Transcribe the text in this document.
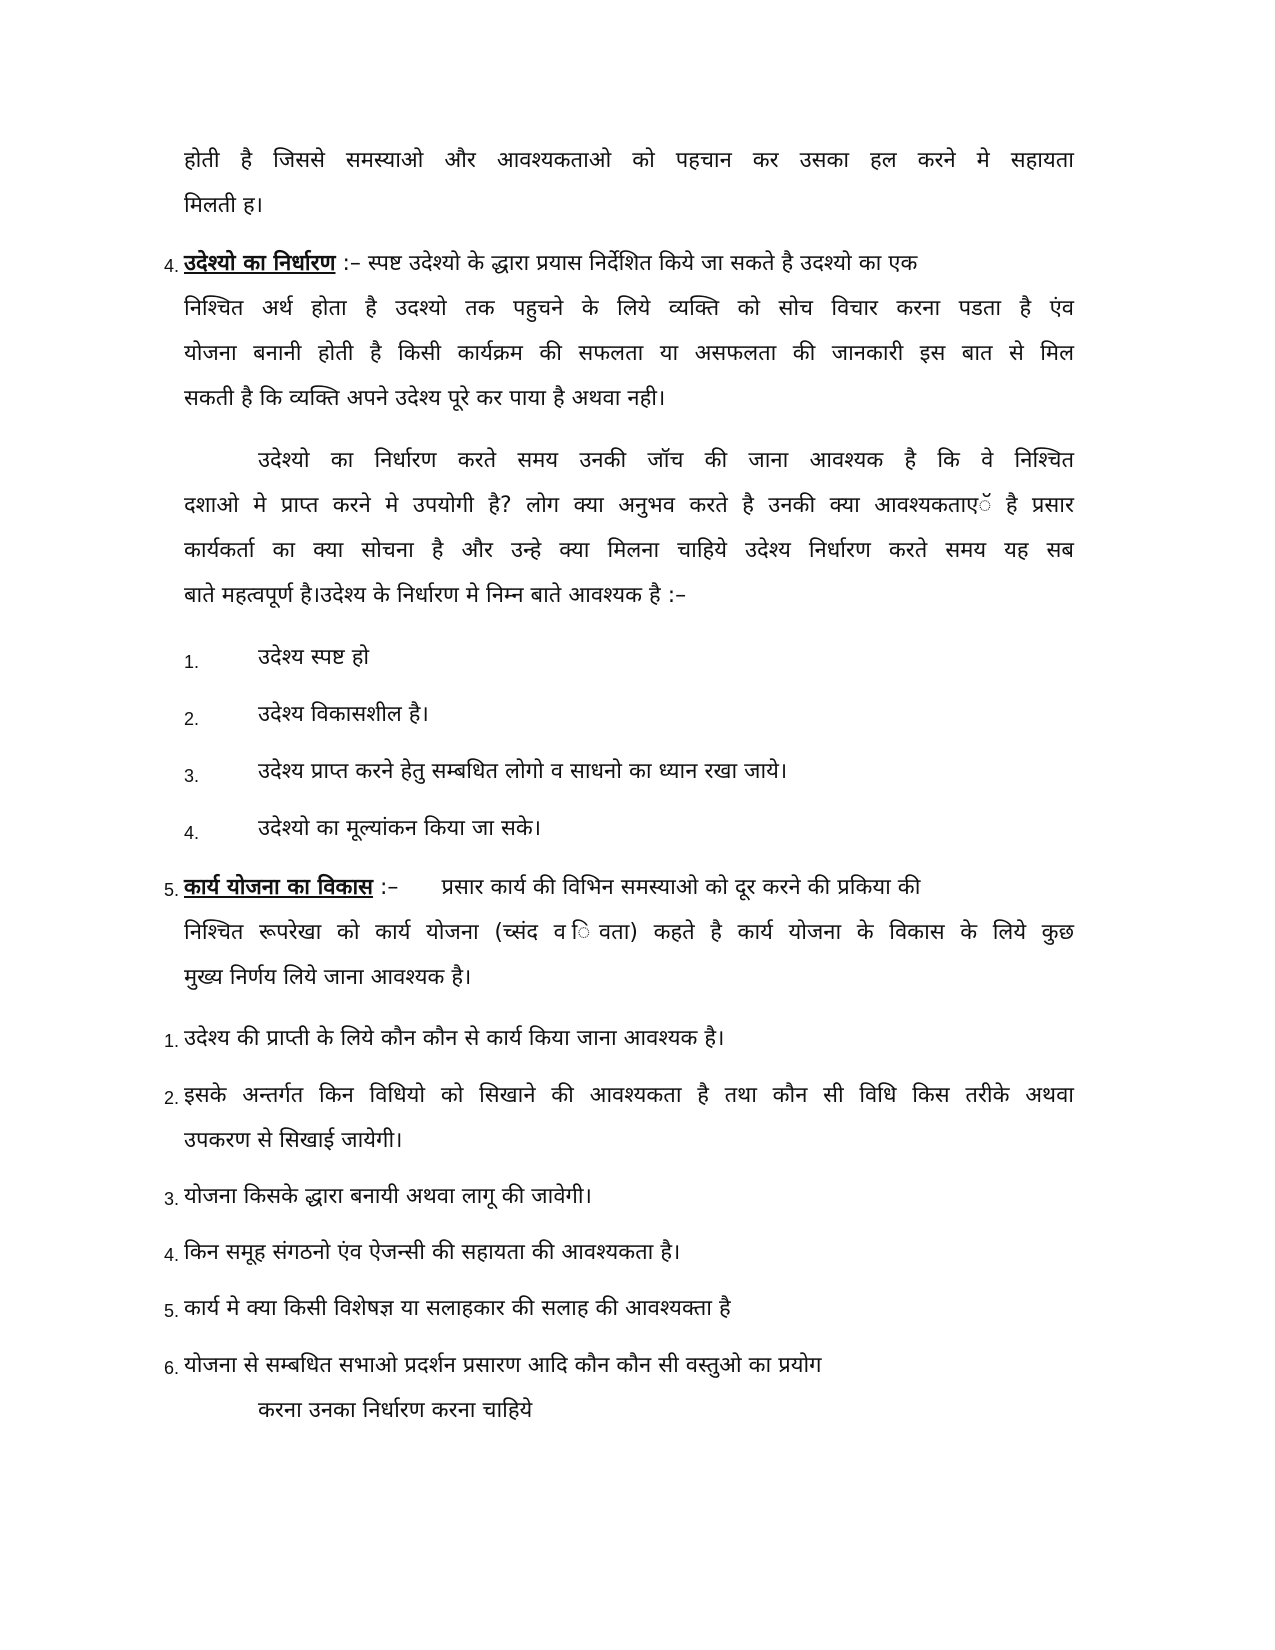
होती है जिससे समस्याओ और आवश्यकताओ को पहचान कर उसका हल करने मे सहायता
मिलती ह।
4. उदेश्यो का निर्धारण :– स्पष्ट उदेश्यो के द्धारा प्रयास निर्देशित किये जा सकते है उदश्यो का एक
निश्चित अर्थ होता है उदश्यो तक पहुचने के लिये व्यक्ति को सोच विचार करना पडता है एंव
योजना बनानी होती है किसी कार्यक्रम की सफलता या असफलता की जानकारी इस बात से मिल
सकती है कि व्यक्ति अपने उदेश्य पूरे कर पाया है अथवा नही।
उदेश्यो का निर्धारण करते समय उनकी जॉच की जाना आवश्यक है कि वे निश्चित
दशाओ मे प्राप्त करने मे उपयोगी है? लोग क्या अनुभव करते है उनकी क्या आवश्यकताएॅ है प्रसार
कार्यकर्ता का क्या सोचना है और उन्हे क्या मिलना चाहिये उदेश्य निर्धारण करते समय यह सब
बाते महत्वपूर्ण है।उदेश्य के निर्धारण मे निम्न बाते आवश्यक है :–
1.	उदेश्य स्पष्ट हो
2.	उदेश्य विकासशील है।
3.	उदेश्य प्राप्त करने हेतु सम्बधित लोगो व साधनो का ध्यान रखा जाये।
4.	उदेश्यो का मूल्यांकन किया जा सके।
5. कार्य योजना का विकास :– प्रसार कार्य की विभिन समस्याओ को दूर करने की प्रकिया की
निश्चित रूपरेखा को कार्य योजना (च्संद व िवता) कहते है कार्य योजना के विकास के लिये कुछ
मुख्य निर्णय लिये जाना आवश्यक है।
1. उदेश्य की प्राप्ती के लिये कौन कौन से कार्य किया जाना आवश्यक है।
2. इसके अन्तर्गत किन विधियो को सिखाने की आवश्यकता है तथा कौन सी विधि किस तरीके अथवा
उपकरण से सिखाई जायेगी।
3. योजना किसके द्धारा बनायी अथवा लागू की जावेगी।
4. किन समूह संगठनो एंव ऐजन्सी की सहायता की आवश्यकता है।
5. कार्य मे क्या किसी विशेषज्ञ या सलाहकार की सलाह की आवश्यक्ता है
6. योजना से सम्बधित सभाओ प्रदर्शन प्रसारण आदि कौन कौन सी वस्तुओ का प्रयोग
करना उनका निर्धारण करना चाहिये
